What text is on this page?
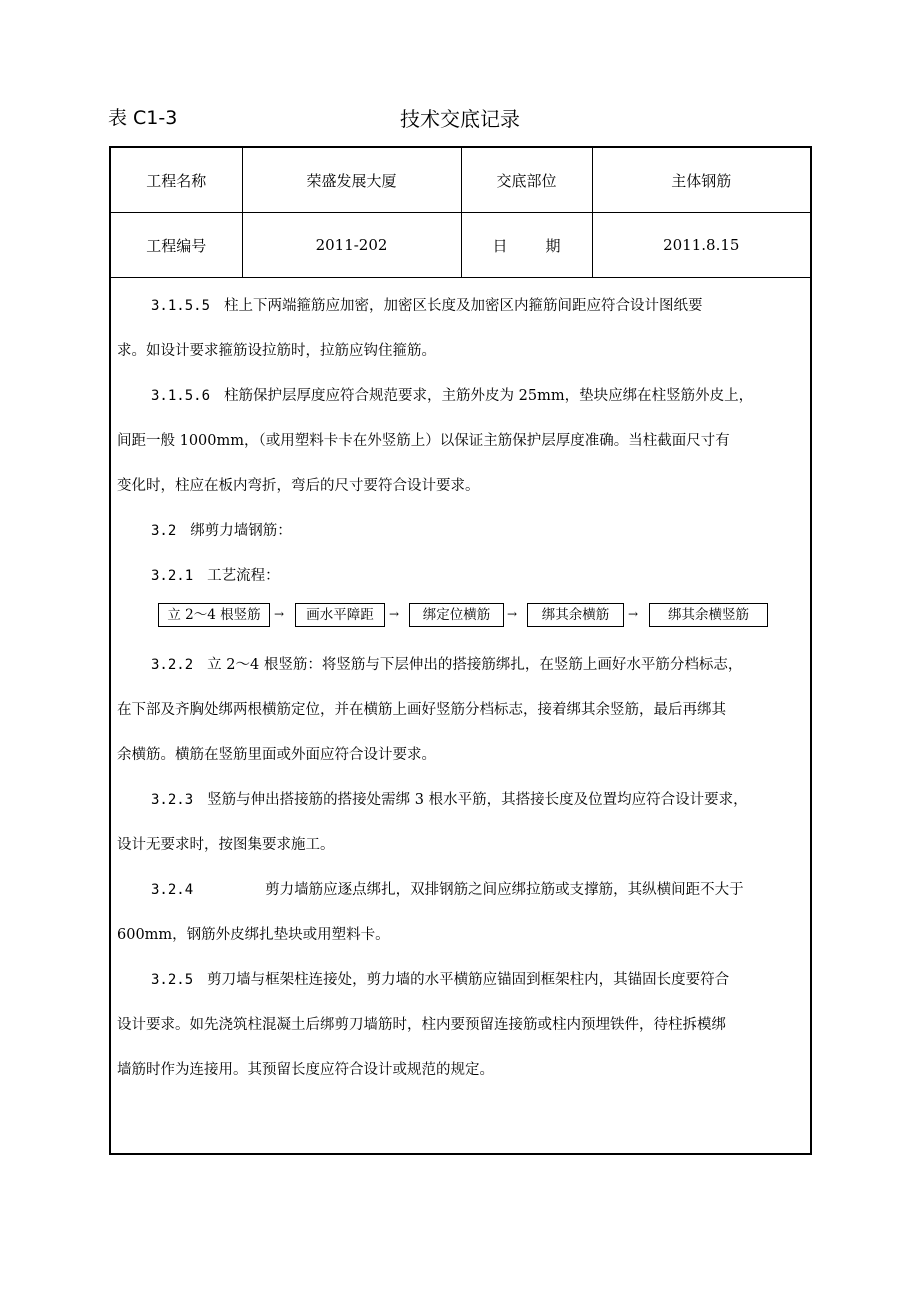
表 C1-3	技术交底记录
工程名称	荣盛发展大厦	交底部位	主体钢筋
工程编号	2011-202	日 期	2011.8.15

3.1.5.5 柱上下两端箍筋应加密，加密区长度及加密区内箍筋间距应符合设计图纸要

求。如设计要求箍筋设拉筋时，拉筋应钩住箍筋。

3.1.5.6 柱筋保护层厚度应符合规范要求，主筋外皮为 25mm，垫块应绑在柱竖筋外皮上，

间距一般 1000mm，（或用塑料卡卡在外竖筋上）以保证主筋保护层厚度准确。当柱截面尺寸有

变化时，柱应在板内弯折，弯后的尺寸要符合设计要求。

3.2 绑剪力墙钢筋：

3.2.1 工艺流程：

立 2～4 根竖筋	→	画水平障距	→	绑定位横筋	→	绑其余横筋	→	绑其余横竖筋

3.2.2 立 2～4 根竖筋：将竖筋与下层伸出的搭接筋绑扎，在竖筋上画好水平筋分档标志，

在下部及齐胸处绑两根横筋定位，并在横筋上画好竖筋分档标志，接着绑其余竖筋，最后再绑其

余横筋。横筋在竖筋里面或外面应符合设计要求。

3.2.3 竖筋与伸出搭接筋的搭接处需绑 3 根水平筋，其搭接长度及位置均应符合设计要求，

设计无要求时，按图集要求施工。

3.2.4	剪力墙筋应逐点绑扎，双排钢筋之间应绑拉筋或支撑筋，其纵横间距不大于

600mm，钢筋外皮绑扎垫块或用塑料卡。

3.2.5 剪刀墙与框架柱连接处，剪力墙的水平横筋应锚固到框架柱内，其锚固长度要符合

设计要求。如先浇筑柱混凝土后绑剪刀墙筋时，柱内要预留连接筋或柱内预埋铁件，待柱拆模绑

墙筋时作为连接用。其预留长度应符合设计或规范的规定。
